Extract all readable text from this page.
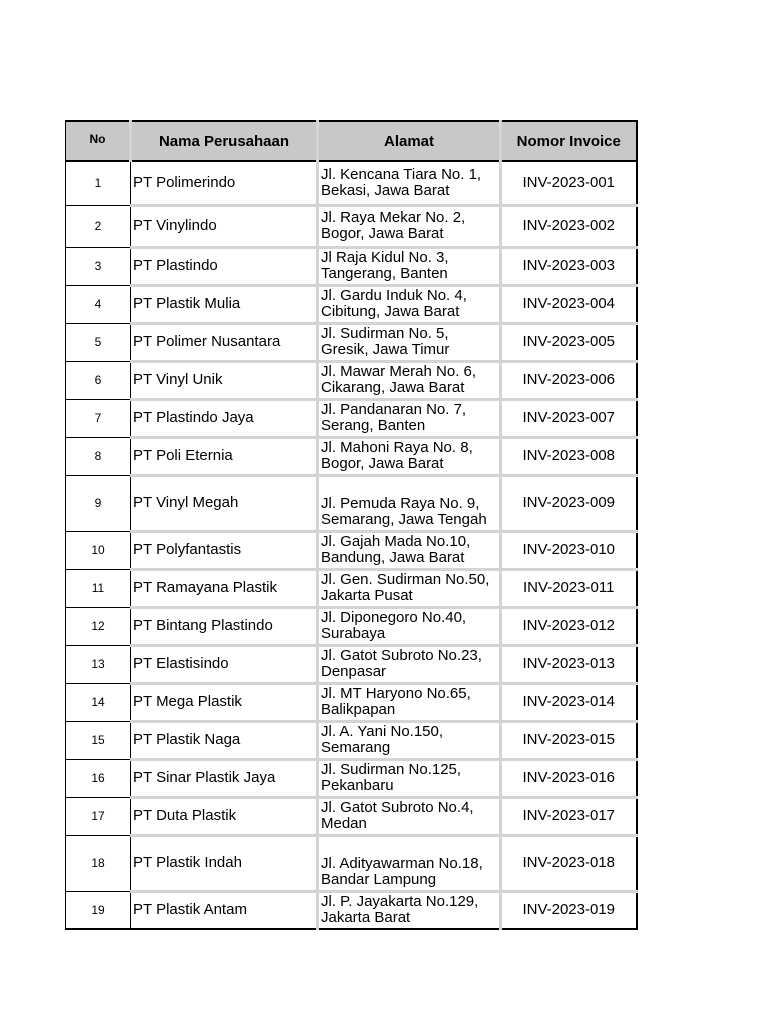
No	Nama Perusahaan	Alamat	Nomor Invoice
1	PT Polimerindo	Jl. Kencana Tiara No. 1, Bekasi, Jawa Barat	INV-2023-001
2	PT Vinylindo	Jl. Raya Mekar No. 2, Bogor, Jawa Barat	INV-2023-002
3	PT Plastindo	Jl Raja Kidul No. 3, Tangerang, Banten	INV-2023-003
4	PT Plastik Mulia	Jl. Gardu Induk No. 4, Cibitung, Jawa Barat	INV-2023-004
5	PT Polimer Nusantara	Jl. Sudirman No. 5, Gresik, Jawa Timur	INV-2023-005
6	PT Vinyl Unik	Jl. Mawar Merah No. 6, Cikarang, Jawa Barat	INV-2023-006
7	PT Plastindo Jaya	Jl. Pandanaran No. 7, Serang, Banten	INV-2023-007
8	PT Poli Eternia	Jl. Mahoni Raya No. 8, Bogor, Jawa Barat	INV-2023-008
9	PT Vinyl Megah	Jl. Pemuda Raya No. 9, Semarang, Jawa Tengah	INV-2023-009
10	PT Polyfantastis	Jl. Gajah Mada No.10, Bandung, Jawa Barat	INV-2023-010
11	PT Ramayana Plastik	Jl. Gen. Sudirman No.50, Jakarta Pusat	INV-2023-011
12	PT Bintang Plastindo	Jl. Diponegoro No.40, Surabaya	INV-2023-012
13	PT Elastisindo	Jl. Gatot Subroto No.23, Denpasar	INV-2023-013
14	PT Mega Plastik	Jl. MT Haryono No.65, Balikpapan	INV-2023-014
15	PT Plastik Naga	Jl. A. Yani No.150, Semarang	INV-2023-015
16	PT Sinar Plastik Jaya	Jl. Sudirman No.125, Pekanbaru	INV-2023-016
17	PT Duta Plastik	Jl. Gatot Subroto No.4, Medan	INV-2023-017
18	PT Plastik Indah	Jl. Adityawarman No.18, Bandar Lampung	INV-2023-018
19	PT Plastik Antam	Jl. P. Jayakarta No.129, Jakarta Barat	INV-2023-019
